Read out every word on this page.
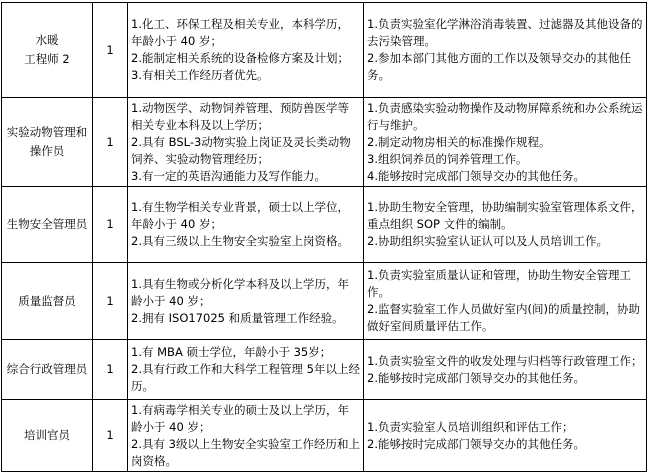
水暖
工程师 2	1	1.化工、环保工程及相关专业，本科学历，年龄小于 40 岁；
2.能制定相关系统的设备检修方案及计划；
3.有相关工作经历者优先。	1.负责实验室化学淋浴消毒装置、过滤器及其他设备的去污染管理。
2.参加本部门其他方面的工作以及领导交办的其他任务。

实验动物管理和操作员	1	1.动物医学、动物饲养管理、预防兽医学等相关专业本科及以上学历；
2.具有 BSL-3动物实验上岗证及灵长类动物饲养、实验动物管理经历；
3.有一定的英语沟通能力及写作能力。	1.负责感染实验动物操作及动物屏障系统和办公系统运行与维护。
2.制定动物房相关的标准操作规程。
3.组织饲养员的饲养管理工作。
4.能够按时完成部门领导交办的其他任务。

生物安全管理员	1	1.有生物学相关专业背景，硕士以上学位，年龄小于 40 岁；
2.具有三级以上生物安全实验室上岗资格。	1.协助生物安全管理，协助编制实验室管理体系文件，重点组织 SOP 文件的编制。
2.协助组织实验室认证认可以及人员培训工作。

质量监督员	1	1.具有生物或分析化学本科及以上学历，年龄小于 40 岁；
2.拥有 ISO17025 和质量管理工作经验。	1.负责实验室质量认证和管理，协助生物安全管理工作。
2.监督实验室工作人员做好室内(间)的质量控制，协助做好室间质量评估工作。

综合行政管理员	1	1.有 MBA 硕士学位，年龄小于 35岁；
2.具有行政工作和大科学工程管理 5年以上经历。	1.负责实验室文件的收发处理与归档等行政管理工作；
2.能够按时完成部门领导交办的其他任务。

培训官员	1	1.有病毒学相关专业的硕士及以上学历，年龄小于 40 岁；
2.具有 3级以上生物安全实验室工作经历和上岗资格。	1.负责实验室人员培训组织和评估工作；
2.能够按时完成部门领导交办的其他任务。
